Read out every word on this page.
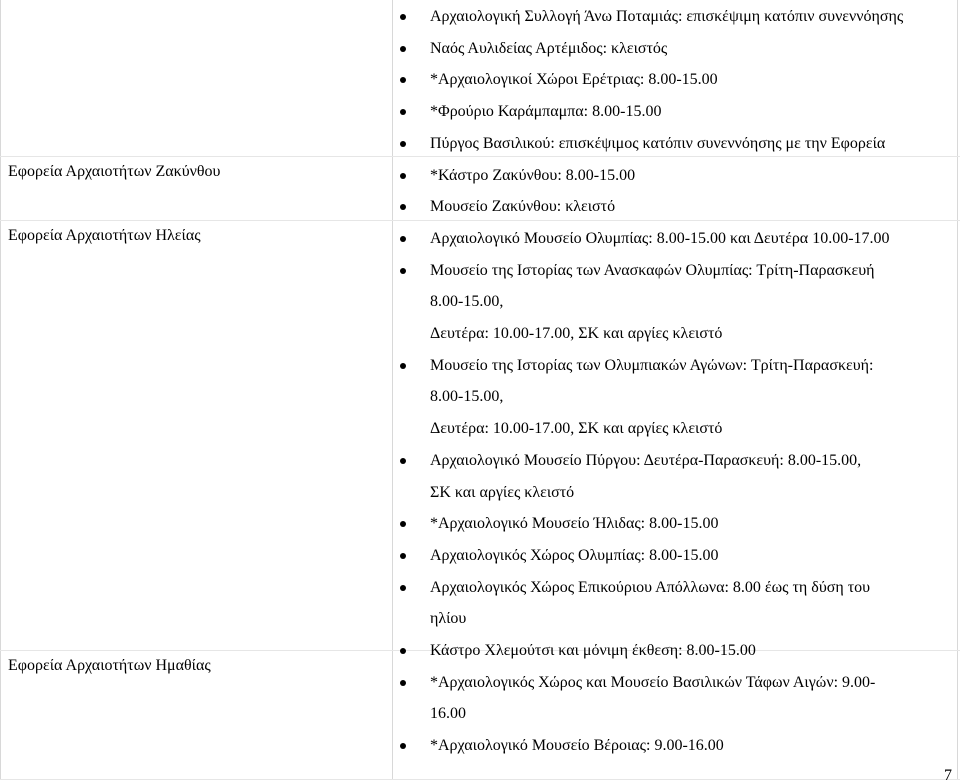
Εφορεία Αρχαιοτήτων Ζακύνθου
Εφορεία Αρχαιοτήτων Ηλείας
Εφορεία Αρχαιοτήτων Ημαθίας
Αρχαιολογική Συλλογή Άνω Ποταμιάς: επισκέψιμη κατόπιν συνεννόησης
Ναός Αυλιδείας Αρτέμιδος: κλειστός
*Αρχαιολογικοί Χώροι Ερέτριας: 8.00-15.00
*Φρούριο Καράμπαμπα: 8.00-15.00
Πύργος Βασιλικού: επισκέψιμος κατόπιν συνεννόησης με την Εφορεία
*Κάστρο Ζακύνθου: 8.00-15.00
Μουσείο Ζακύνθου: κλειστό
Αρχαιολογικό Μουσείο Ολυμπίας: 8.00-15.00 και Δευτέρα 10.00-17.00
Μουσείο της Ιστορίας των Ανασκαφών Ολυμπίας: Τρίτη-Παρασκευή
8.00-15.00,
Δευτέρα: 10.00-17.00, ΣΚ και αργίες κλειστό
Μουσείο της Ιστορίας των Ολυμπιακών Αγώνων: Τρίτη-Παρασκευή:
8.00-15.00,
Δευτέρα: 10.00-17.00, ΣΚ και αργίες κλειστό
Αρχαιολογικό Μουσείο Πύργου: Δευτέρα-Παρασκευή: 8.00-15.00,
ΣΚ και αργίες κλειστό
*Αρχαιολογικό Μουσείο Ήλιδας: 8.00-15.00
Αρχαιολογικός Χώρος Ολυμπίας: 8.00-15.00
Αρχαιολογικός Χώρος Επικούριου Απόλλωνα: 8.00 έως τη δύση του
ηλίου
Κάστρο Χλεμούτσι και μόνιμη έκθεση: 8.00-15.00
*Αρχαιολογικός Χώρος και Μουσείο Βασιλικών Τάφων Αιγών: 9.00-
16.00
*Αρχαιολογικό Μουσείο Βέροιας: 9.00-16.00
7
